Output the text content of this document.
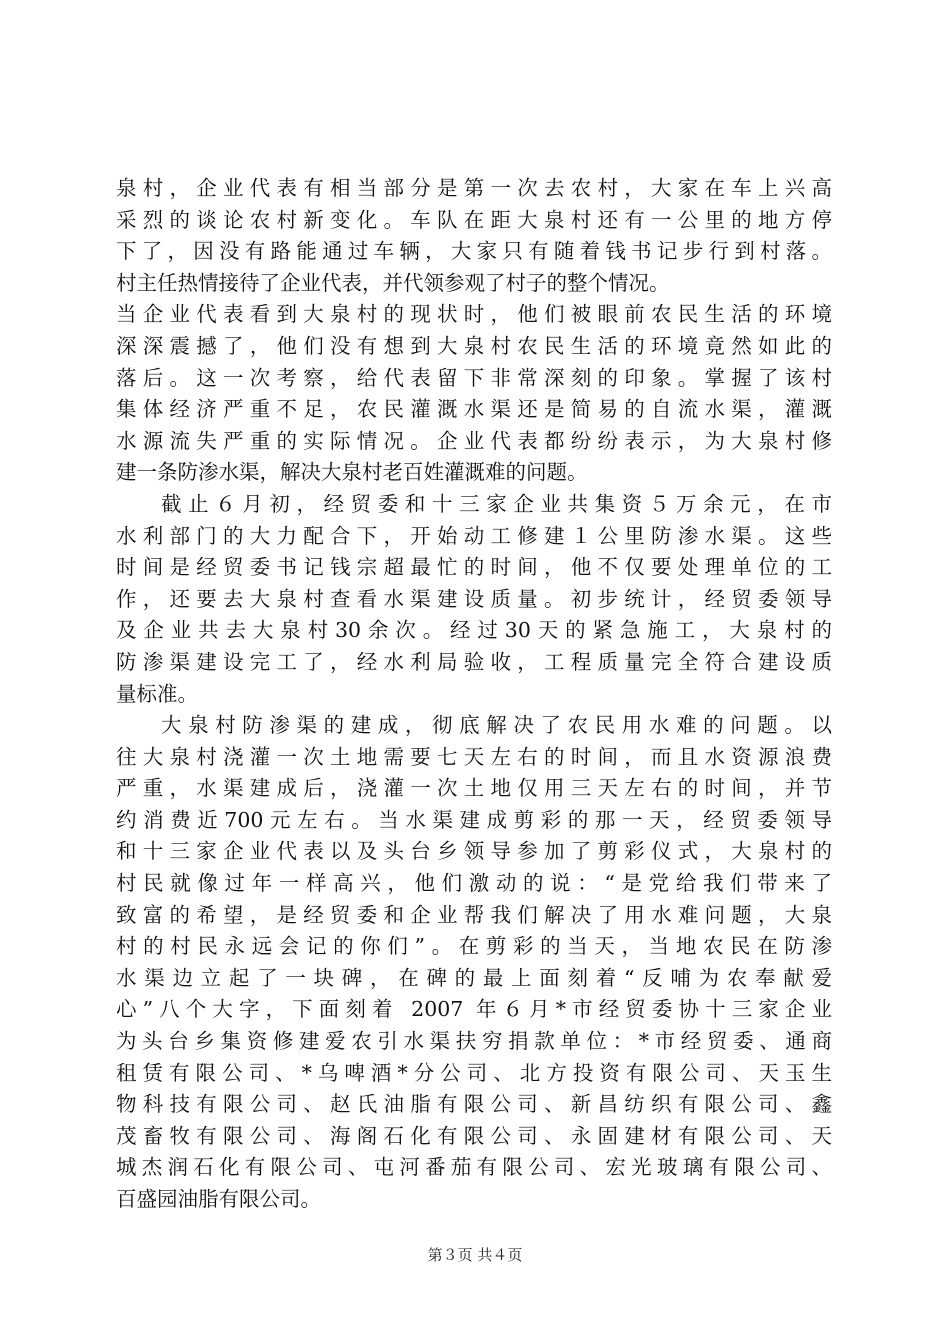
泉村，企业代表有相当部分是第一次去农村，大家在车上兴高
采烈的谈论农村新变化。车队在距大泉村还有一公里的地方停
下了，因没有路能通过车辆，大家只有随着钱书记步行到村落。
村主任热情接待了企业代表，并代领参观了村子的整个情况。
当企业代表看到大泉村的现状时，他们被眼前农民生活的环境
深深震撼了，他们没有想到大泉村农民生活的环境竟然如此的
落后。这一次考察，给代表留下非常深刻的印象。掌握了该村
集体经济严重不足，农民灌溉水渠还是简易的自流水渠，灌溉
水源流失严重的实际情况。企业代表都纷纷表示，为大泉村修
建一条防渗水渠，解决大泉村老百姓灌溉难的问题。
截止６月初，经贸委和十三家企业共集资５万余元，在市
水利部门的大力配合下，开始动工修建１公里防渗水渠。这些
时间是经贸委书记钱宗超最忙的时间，他不仅要处理单位的工
作，还要去大泉村查看水渠建设质量。初步统计，经贸委领导
及企业共去大泉村30余次。经过30天的紧急施工，大泉村的
防渗渠建设完工了，经水利局验收，工程质量完全符合建设质
量标准。
大泉村防渗渠的建成，彻底解决了农民用水难的问题。以
往大泉村浇灌一次土地需要七天左右的时间，而且水资源浪费
严重，水渠建成后，浇灌一次土地仅用三天左右的时间，并节
约消费近700元左右。当水渠建成剪彩的那一天，经贸委领导
和十三家企业代表以及头台乡领导参加了剪彩仪式，大泉村的
村民就像过年一样高兴，他们激动的说：“是党给我们带来了
致富的希望，是经贸委和企业帮我们解决了用水难问题，大泉
村的村民永远会记的你们”。在剪彩的当天，当地农民在防渗
水渠边立起了一块碑，在碑的最上面刻着“反哺为农奉献爱
心”八个大字，下面刻着 2007 年６月*市经贸委协十三家企业
为头台乡集资修建爱农引水渠扶穷捐款单位：*市经贸委、通商
租赁有限公司、*乌啤酒*分公司、北方投资有限公司、天玉生
物科技有限公司、赵氏油脂有限公司、新昌纺织有限公司、鑫
茂畜牧有限公司、海阁石化有限公司、永固建材有限公司、天
城杰润石化有限公司、屯河番茄有限公司、宏光玻璃有限公司、
百盛园油脂有限公司。
第３页 共４页
